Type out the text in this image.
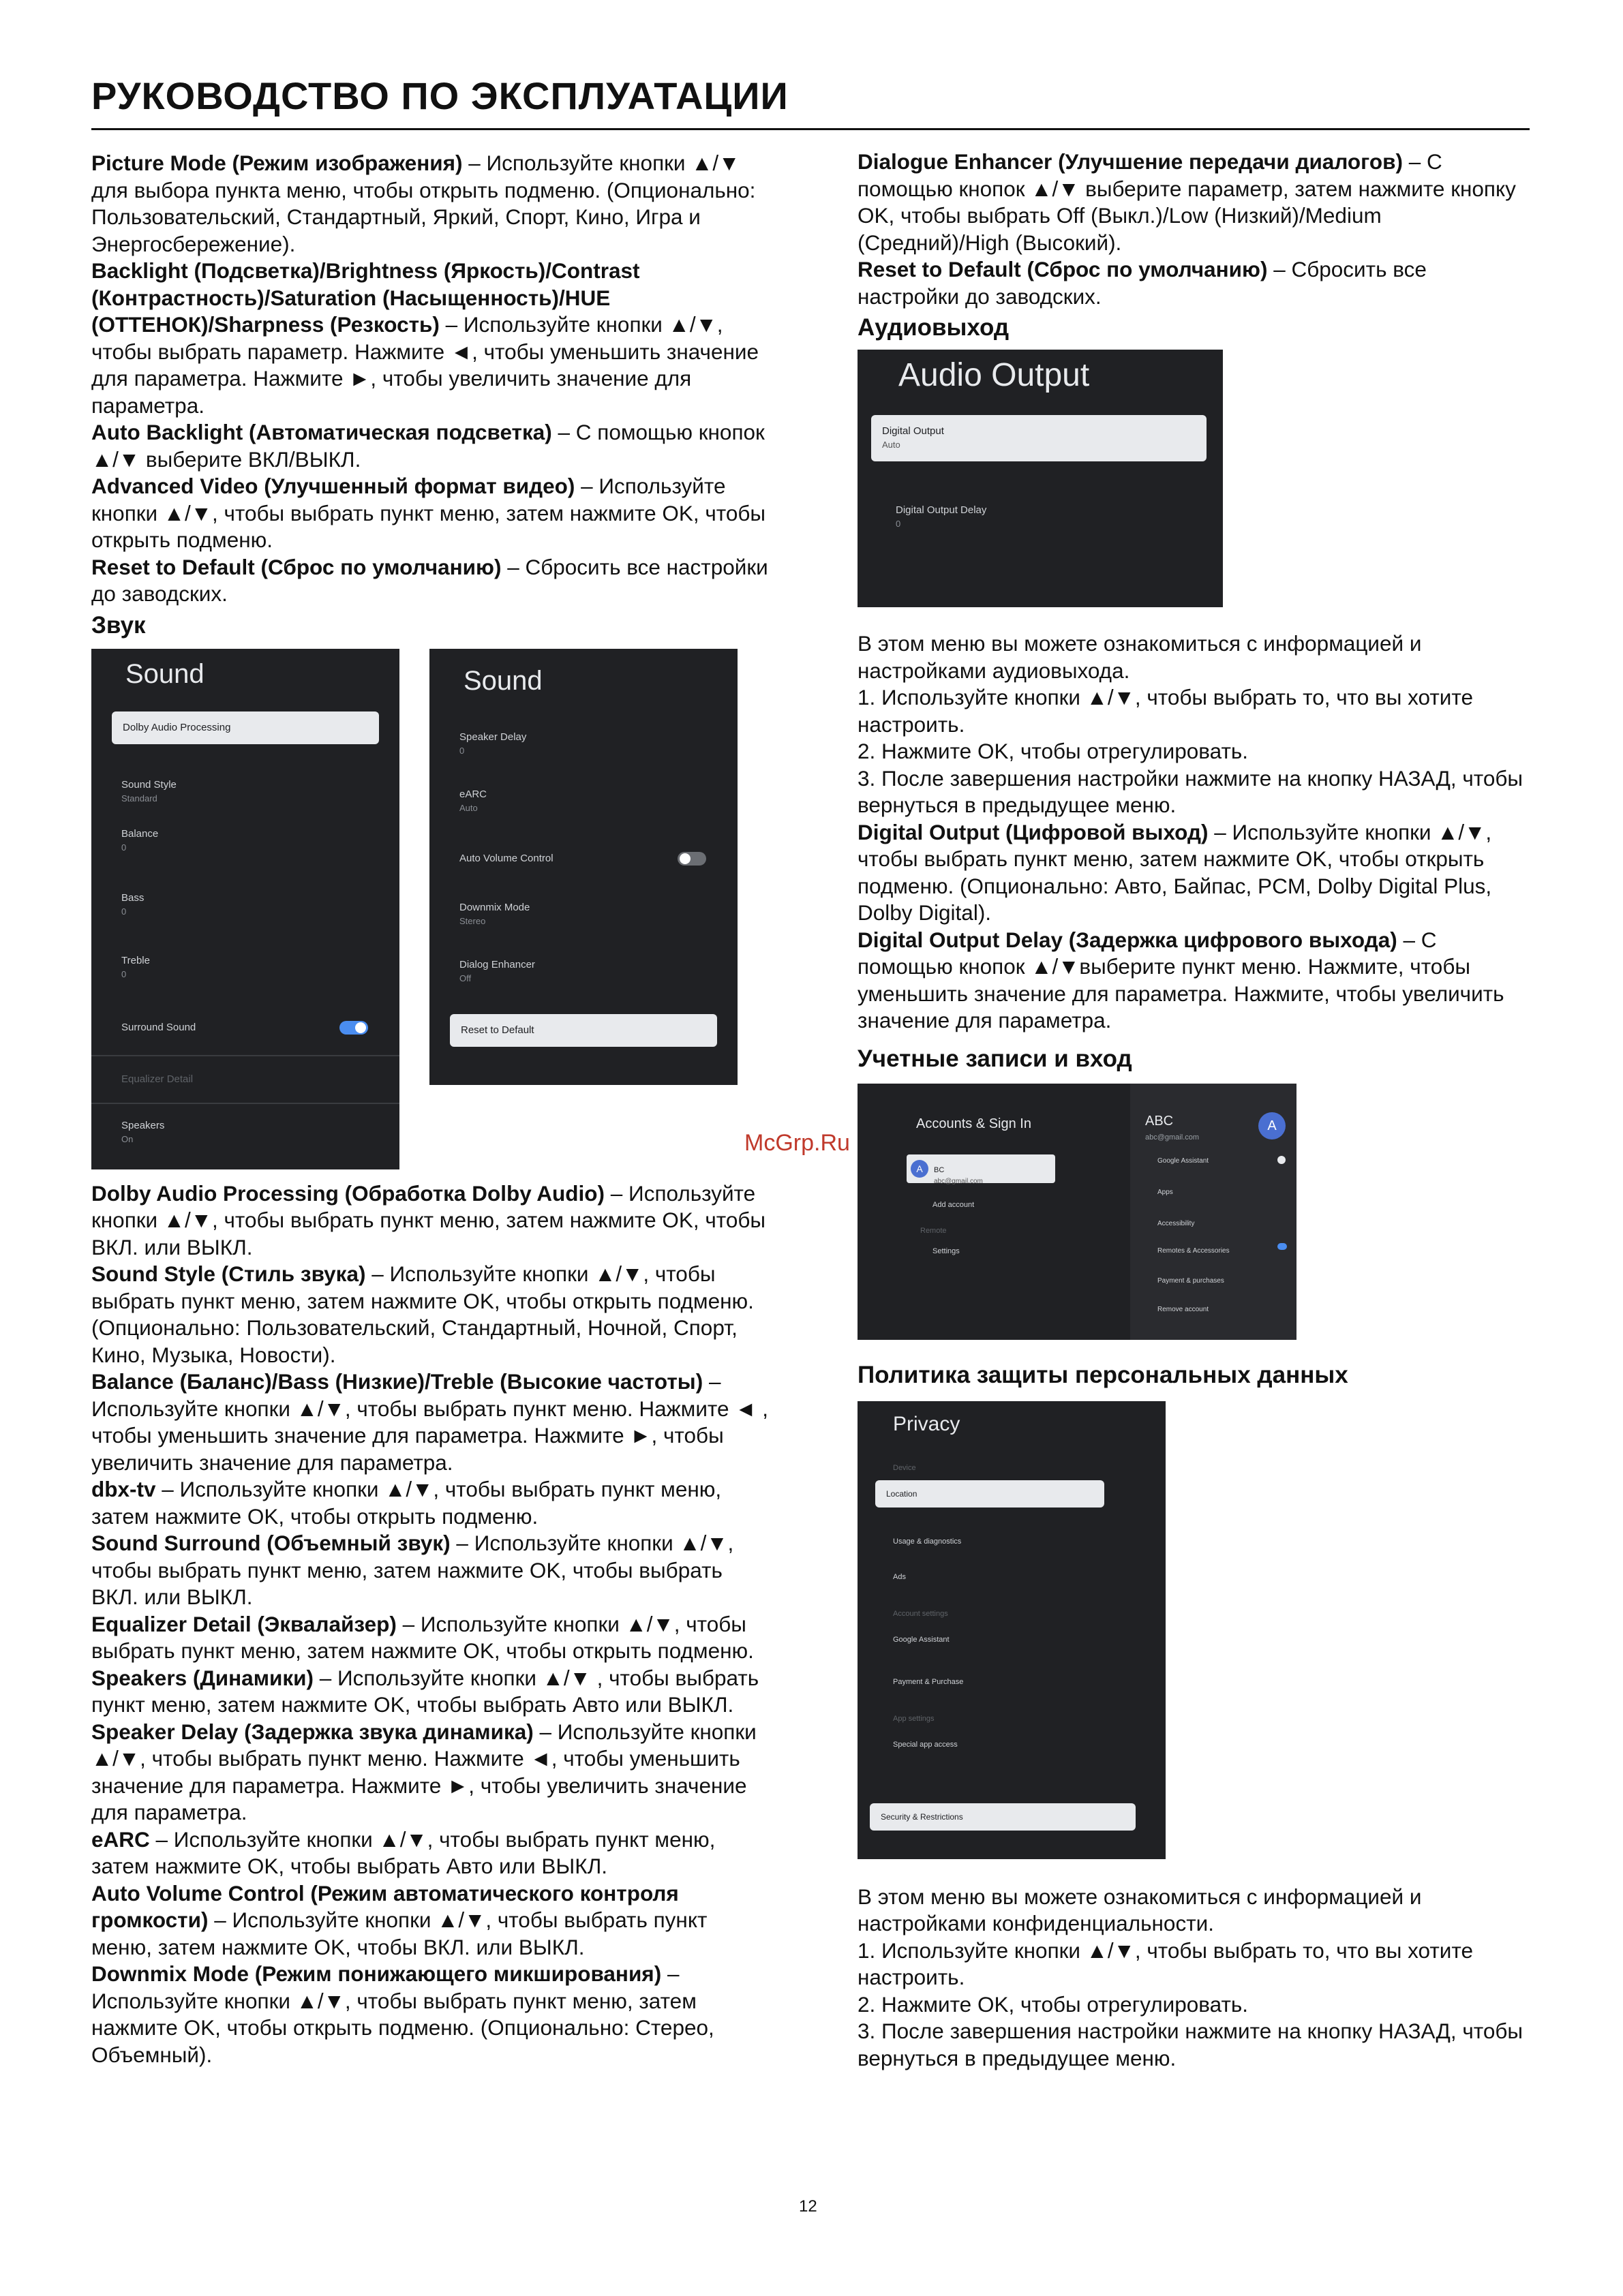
РУКОВОДСТВО ПО ЭКСПЛУАТАЦИИ

Picture Mode (Режим изображения) – Используйте кнопки ▲/▼ для выбора пункта меню, чтобы открыть подменю. (Опционально: Пользовательский, Стандартный, Яркий, Спорт, Кино, Игра и Энергосбережение).

Backlight (Подсветка)/Brightness (Яркость)/Contrast (Контрастность)/Saturation (Насыщенность)/HUE (ОТТЕНОК)/Sharpness (Резкость) – Используйте кнопки ▲/▼, чтобы выбрать параметр. Нажмите ◄, чтобы уменьшить значение для параметра. Нажмите ►, чтобы увеличить значение для параметра.

Auto Backlight (Автоматическая подсветка) – С помощью кнопок ▲/▼ выберите ВКЛ/ВЫКЛ.

Advanced Video (Улучшенный формат видео) – Используйте кнопки ▲/▼, чтобы выбрать пункт меню, затем нажмите OK, чтобы открыть подменю.

Reset to Default (Сброс по умолчанию) – Сбросить все настройки до заводских.

Звук
Sound
Dolby Audio Processing
Sound Style
Standard
Balance
0
Bass
0
Treble
0
Surround Sound
Equalizer Detail
Speakers
On
Sound
Speaker Delay
0
eARC
Auto
Auto Volume Control
Downmix Mode
Stereo
Dialog Enhancer
Off
Reset to Default

Dolby Audio Processing (Обработка Dolby Audio) – Используйте кнопки ▲/▼, чтобы выбрать пункт меню, затем нажмите OK, чтобы ВКЛ. или ВЫКЛ.

Sound Style (Стиль звука) – Используйте кнопки ▲/▼, чтобы выбрать пункт меню, затем нажмите OK, чтобы открыть подменю. (Опционально: Пользовательский, Стандартный, Ночной, Спорт, Кино, Музыка, Новости).

Balance (Баланс)/Bass (Низкие)/Treble (Высокие частоты) – Используйте кнопки ▲/▼, чтобы выбрать пункт меню. Нажмите ◄ , чтобы уменьшить значение для параметра. Нажмите ►, чтобы увеличить значение для параметра.

dbx-tv – Используйте кнопки ▲/▼, чтобы выбрать пункт меню, затем нажмите OK, чтобы открыть подменю.

Sound Surround (Объемный звук) – Используйте кнопки ▲/▼, чтобы выбрать пункт меню, затем нажмите OK, чтобы выбрать ВКЛ. или ВЫКЛ.

Equalizer Detail (Эквалайзер) – Используйте кнопки ▲/▼, чтобы выбрать пункт меню, затем нажмите OK, чтобы открыть подменю.

Speakers (Динамики) – Используйте кнопки ▲/▼ , чтобы выбрать пункт меню, затем нажмите OK, чтобы выбрать Авто или ВЫКЛ.

Speaker Delay (Задержка звука динамика) – Используйте кнопки ▲/▼, чтобы выбрать пункт меню. Нажмите ◄, чтобы уменьшить значение для параметра. Нажмите ►, чтобы увеличить значение для параметра.

eARC – Используйте кнопки ▲/▼, чтобы выбрать пункт меню, затем нажмите OK, чтобы выбрать Авто или ВЫКЛ.

Auto Volume Control (Режим автоматического контроля громкости) – Используйте кнопки ▲/▼, чтобы выбрать пункт меню, затем нажмите OK, чтобы ВКЛ. или ВЫКЛ.

Downmix Mode (Режим понижающего микширования) – Используйте кнопки ▲/▼, чтобы выбрать пункт меню, затем нажмите OK, чтобы открыть подменю. (Опционально: Стерео, Объемный).

Dialogue Enhancer (Улучшение передачи диалогов) – С помощью кнопок ▲/▼ выберите параметр, затем нажмите кнопку OK, чтобы выбрать Off (Выкл.)/Low (Низкий)/Medium (Средний)/High (Высокий).

Reset to Default (Сброс по умолчанию) – Сбросить все настройки до заводских.

Аудиовыход
Audio Output
Digital Output
Auto
Digital Output Delay
0

В этом меню вы можете ознакомиться с информацией и настройками аудиовыхода.

1. Используйте кнопки ▲/▼, чтобы выбрать то, что вы хотите настроить.

2. Нажмите OK, чтобы отрегулировать.

3. После завершения настройки нажмите на кнопку НАЗАД, чтобы вернуться в предыдущее меню.

Digital Output (Цифровой выход) – Используйте кнопки ▲/▼, чтобы выбрать пункт меню, затем нажмите OK, чтобы открыть подменю. (Опционально: Авто, Байпас, PCM, Dolby Digital Plus, Dolby Digital).

Digital Output Delay (Задержка цифрового выхода) – С помощью кнопок ▲/▼выберите пункт меню. Нажмите, чтобы уменьшить значение для параметра. Нажмите, чтобы увеличить значение для параметра.

Учетные записи и вход
Accounts & Sign In
A	BC
abc@gmail.com
Add account
Remote
Settings
ABC
abc@gmail.com
A
Google Assistant
Apps
Accessibility
Remotes & Accessories
Payment & purchases
Remove account
Политика защиты персональных данных
Privacy
Device
Location
Usage & diagnostics
Ads
Account settings
Google Assistant
Payment & Purchase
App settings
Special app access
Security & Restrictions

В этом меню вы можете ознакомиться с информацией и настройками конфиденциальности.

1. Используйте кнопки ▲/▼, чтобы выбрать то, что вы хотите настроить.

2. Нажмите OK, чтобы отрегулировать.

3. После завершения настройки нажмите на кнопку НАЗАД, чтобы вернуться в предыдущее меню.

McGrp.Ru
12
